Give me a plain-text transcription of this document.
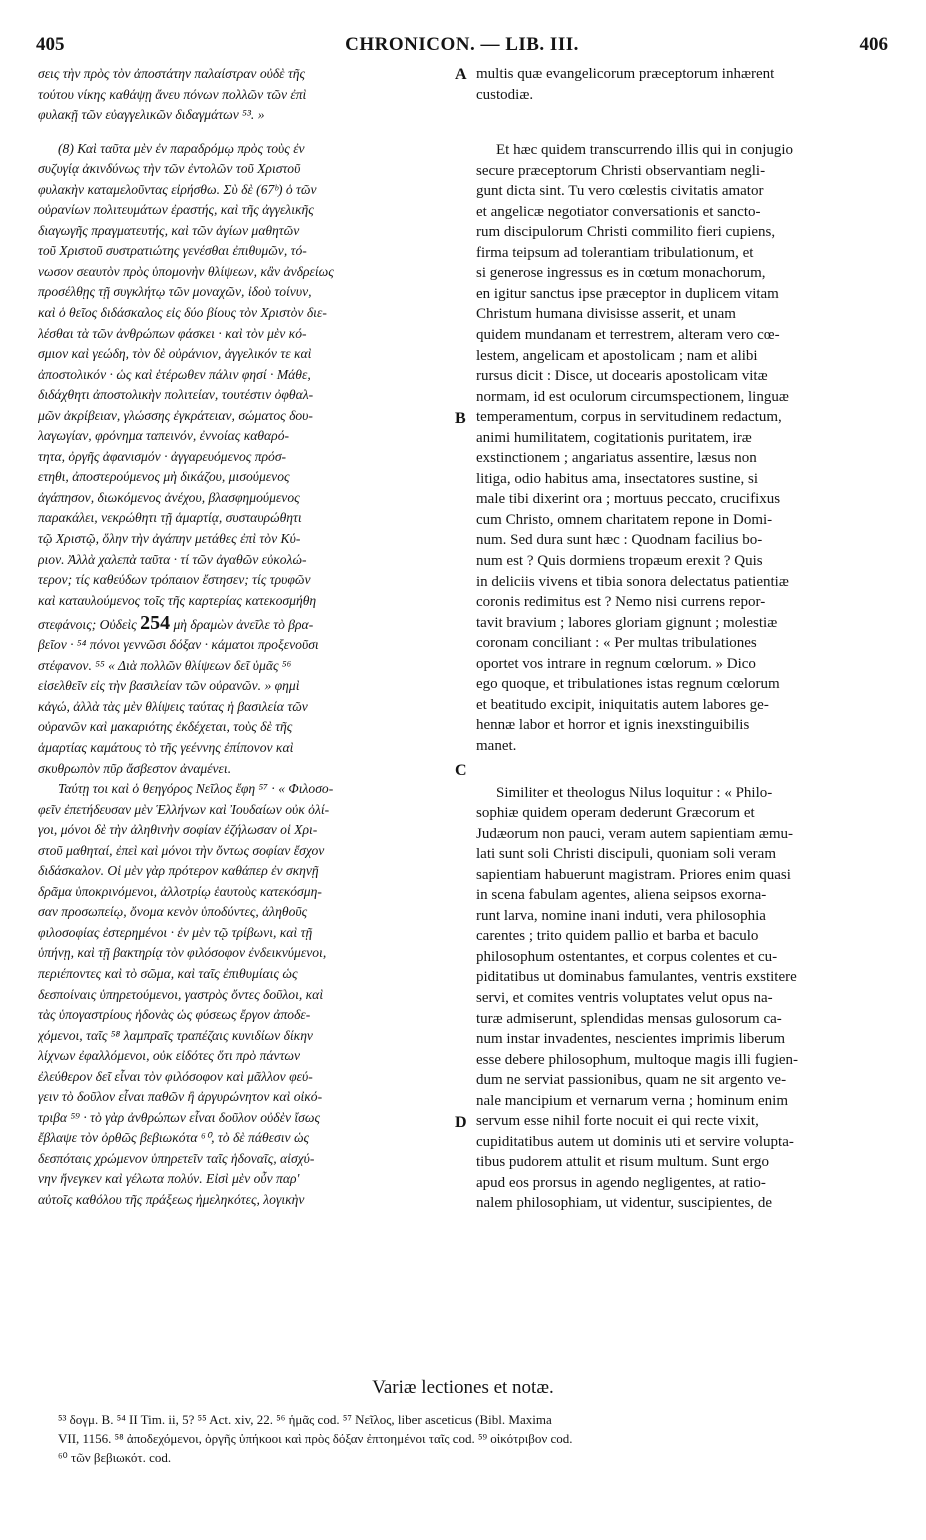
405	CHRONICON. — LIB. III.	406
σεις τὴν πρὸς τὸν ἀποστάτην παλαίστραν οὐδὲ τῆς
τούτου νίκης καθάψῃ ἄνευ πόνων πολλῶν τῶν ἐπὶ
φυλακῇ τῶν εὐαγγελικῶν διδαγμάτων ⁵³. »
(8) Καὶ ταῦτα μὲν ἐν παραδρόμῳ πρὸς τοὺς ἐν
συζυγίᾳ ἀκινδύνως τὴν τῶν ἐντολῶν τοῦ Χριστοῦ
φυλακὴν καταμελοῦντας εἰρήσθω. Σὺ δὲ (67ᵇ) ὁ τῶν
οὐρανίων πολιτευμάτων ἐραστής, καὶ τῆς ἀγγελικῆς
διαγωγῆς πραγματευτής, καὶ τῶν ἁγίων μαθητῶν
τοῦ Χριστοῦ συστρατιώτης γενέσθαι ἐπιθυμῶν, τό-
νωσον σεαυτὸν πρὸς ὑπομονὴν θλίψεων, κἂν ἀνδρείως
προσέλθῃς τῇ συγκλήτῳ τῶν μοναχῶν, ἰδοὺ τοίνυν,
καὶ ὁ θεῖος διδάσκαλος εἰς δύο βίους τὸν Χριστὸν διε-
λέσθαι τὰ τῶν ἀνθρώπων φάσκει · καὶ τὸν μὲν κό-
σμιον καὶ γεώδη, τὸν δὲ οὐράνιον, ἀγγελικόν τε καὶ
ἀποστολικόν · ὡς καὶ ἑτέρωθεν πάλιν φησί · Μάθε,
διδάχθητι ἀποστολικὴν πολιτείαν, τουτέστιν ὀφθαλ-
μῶν ἀκρίβειαν, γλώσσης ἐγκράτειαν, σώματος δου-
λαγωγίαν, φρόνημα ταπεινόν, ἐννοίας καθαρό-
τητα, ὀργῆς ἀφανισμόν · ἀγγαρευόμενος πρόσ-
ετηθι, ἀποστερούμενος μὴ δικάζου, μισούμενος
ἀγάπησον, διωκόμενος ἀνέχου, βλασφημούμενος
παρακάλει, νεκρώθητι τῇ ἁμαρτίᾳ, συσταυρώθητι
τῷ Χριστῷ, ὅλην τὴν ἀγάπην μετάθες ἐπὶ τὸν Κύ-
ριον. Ἀλλὰ χαλεπὰ ταῦτα · τί τῶν ἀγαθῶν εὐκολώ-
τερον; τίς καθεύδων τρόπαιον ἔστησεν; τίς τρυφῶν
καὶ καταυλούμενος τοῖς τῆς καρτερίας κατεκοσμήθη
στεφάνοις; Οὐδεὶς 254 μὴ δραμὼν ἀνεῖλε τὸ βρα-
βεῖον · ⁵⁴ πόνοι γεννῶσι δόξαν · κάματοι προξενοῦσι
στέφανον. ⁵⁵ « Διὰ πολλῶν θλίψεων δεῖ ὑμᾶς ⁵⁶
εἰσελθεῖν εἰς τὴν βασιλείαν τῶν οὐρανῶν. » φημὶ
κἀγώ, ἀλλὰ τὰς μὲν θλίψεις ταύτας ἡ βασιλεία τῶν
οὐρανῶν καὶ μακαριότης ἐκδέχεται, τοὺς δὲ τῆς
ἁμαρτίας καμάτους τὸ τῆς γεέννης ἐπίπονον καὶ
σκυθρωπὸν πῦρ ἄσβεστον ἀναμένει.
Ταύτῃ τοι καὶ ὁ θεηγόρος Νεῖλος ἔφη ⁵⁷ · « Φιλοσο-
φεῖν ἐπετήδευσαν μὲν Ἑλλήνων καὶ Ἰουδαίων οὐκ ὀλί-
γοι, μόνοι δὲ τὴν ἀληθινὴν σοφίαν ἐζήλωσαν οἱ Χρι-
στοῦ μαθηταί, ἐπεὶ καὶ μόνοι τὴν ὄντως σοφίαν ἔσχον
διδάσκαλον. Οἱ μὲν γὰρ πρότερον καθάπερ ἐν σκηνῇ
δρᾶμα ὑποκρινόμενοι, ἀλλοτρίῳ ἑαυτοὺς κατεκόσμη-
σαν προσωπείῳ, ὄνομα κενὸν ὑποδύντες, ἀληθοῦς
φιλοσοφίας ἐστερημένοι · ἐν μὲν τῷ τρίβωνι, καὶ τῇ
ὑπήνῃ, καὶ τῇ βακτηρίᾳ τὸν φιλόσοφον ἐνδεικνύμενοι,
περιέποντες καὶ τὸ σῶμα, καὶ ταῖς ἐπιθυμίαις ὡς
δεσποίναις ὑπηρετούμενοι, γαστρὸς ὄντες δοῦλοι, καὶ
τὰς ὑπογαστρίους ἡδονὰς ὡς φύσεως ἔργον ἀποδε-
χόμενοι, ταῖς ⁵⁸ λαμπραῖς τραπέζαις κυνιδίων δίκην
λίχνων ἐφαλλόμενοι, οὐκ εἰδότες ὅτι πρὸ πάντων
ἐλεύθερον δεῖ εἶναι τὸν φιλόσοφον καὶ μᾶλλον φεύ-
γειν τὸ δοῦλον εἶναι παθῶν ἢ ἀργυρώνητον καὶ οἰκό-
τριβα ⁵⁹ · τὸ γὰρ ἀνθρώπων εἶναι δοῦλον οὐδὲν ἴσως
ἔβλαψε τὸν ὀρθῶς βεβιωκότα ⁶⁰, τὸ δὲ πάθεσιν ὡς
δεσπόταις χρώμενον ὑπηρετεῖν ταῖς ἡδοναῖς, αἰσχύ-
νην ἤνεγκεν καὶ γέλωτα πολύν. Εἰσὶ μὲν οὖν παρ'
αὐτοῖς καθόλου τῆς πράξεως ἠμεληκότες, λογικὴν
multis quæ evangelicorum præceptorum inhærent
custodiæ.
Et hæc quidem transcurrendo illis qui in conjugio
secure præceptorum Christi observantiam negli-
gunt dicta sint. Tu vero cœlestis civitatis amator
et angelicæ negotiator conversationis et sancto-
rum discipulorum Christi commilito fieri cupiens,
firma teipsum ad tolerantiam tribulationum, et
si generose ingressus es in cœtum monachorum,
en igitur sanctus ipse præceptor in duplicem vitam
Christum humana divisisse asserit, et unam
quidem mundanam et terrestrem, alteram vero cœ-
lestem, angelicam et apostolicam ; nam et alibi
rursus dicit : Disce, ut docearis apostolicam vitæ
normam, id est oculorum circumspectionem, linguæ
temperamentum, corpus in servitudinem redactum,
animi humilitatem, cogitationis puritatem, iræ
exstinctionem ; angariatus assentire, læsus non
litiga, odio habitus ama, insectatores sustine, si
male tibi dixerint ora ; mortuus peccato, crucifixus
cum Christo, omnem charitatem repone in Domi-
num. Sed dura sunt hæc : Quodnam facilius bo-
num est ? Quis dormiens tropæum erexit ? Quis
in deliciis vivens et tibia sonora delectatus patientiæ
coronis redimitus est ? Nemo nisi currens repor-
tavit bravium ; labores gloriam gignunt ; molestiæ
coronam conciliant : « Per multas tribulationes
oportet vos intrare in regnum cœlorum. » Dico
ego quoque, et tribulationes istas regnum cœlorum
et beatitudo excipit, iniquitatis autem labores ge-
hennæ labor et horror et ignis inexstinguibilis
manet.
Similiter et theologus Nilus loquitur : « Philo-
sophiæ quidem operam dederunt Græcorum et
Judæorum non pauci, veram autem sapientiam æmu-
lati sunt soli Christi discipuli, quoniam soli veram
sapientiam habuerunt magistram. Priores enim quasi
in scena fabulam agentes, aliena seipsos exorna-
runt larva, nomine inani induti, vera philosophia
carentes ; trito quidem pallio et barba et baculo
philosophum ostentantes, et corpus colentes et cu-
piditatibus ut dominabus famulantes, ventris exstitere
servi, et comites ventris voluptates velut opus na-
turæ admiserunt, splendidas mensas gulosorum ca-
num instar invadentes, nescientes imprimis liberum
esse debere philosophum, multoque magis illi fugien-
dum ne serviat passionibus, quam ne sit argento ve-
nale mancipium et vernarum verna ; hominum enim
servum esse nihil forte nocuit ei qui recte vixit,
cupiditatibus autem ut dominis uti et servire volupta-
tibus pudorem attulit et risum multum. Sunt ergo
apud eos prorsus in agendo negligentes, at ratio-
nalem philosophiam, ut videntur, suscipientes, de
A
B
C
D
Variæ lectiones et notæ.
⁵³ δογμ. B. ⁵⁴ II Tim. ii, 5? ⁵⁵ Act. xiv, 22. ⁵⁶ ἡμᾶς cod. ⁵⁷ Νεῖλος, liber asceticus (Bibl. Maxima
VII, 1156. ⁵⁸ ἀποδεχόμενοι, ὀργῆς ὑπήκοοι καὶ πρὸς δόξαν ἐπτοημένοι ταῖς cod. ⁵⁹ οἰκότριβον cod.
⁶⁰ τῶν βεβιωκότ. cod.
